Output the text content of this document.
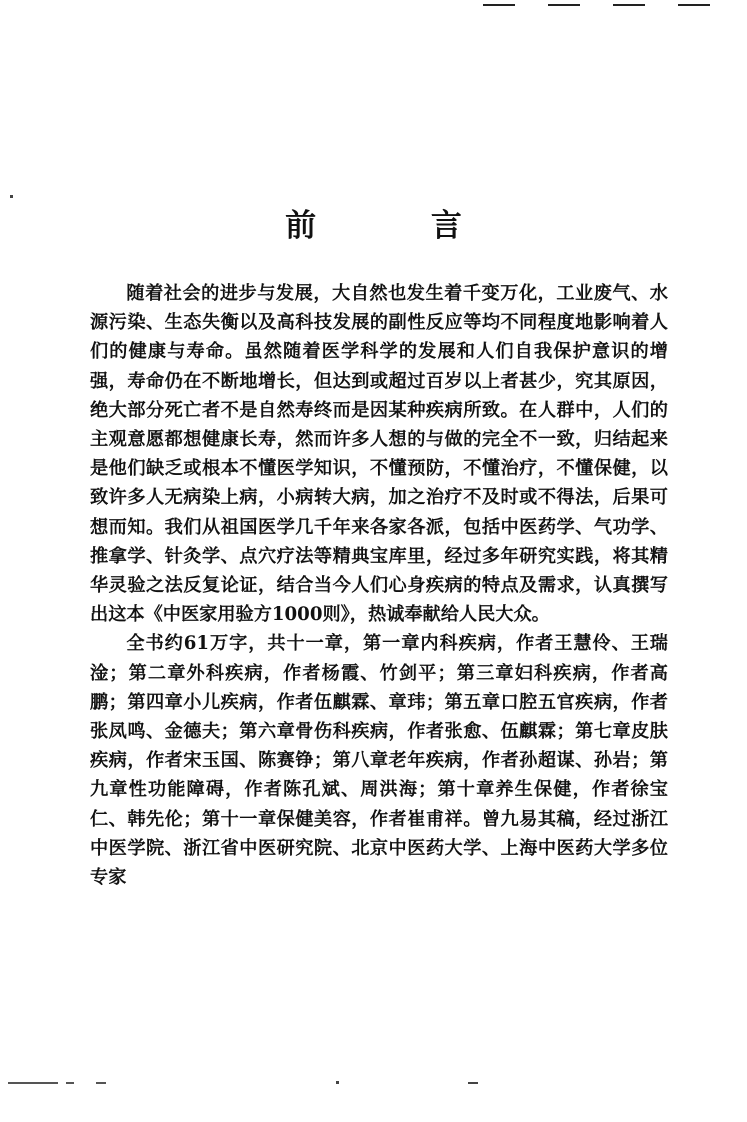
前 言

随着社会的进步与发展，大自然也发生着千变万化，工业废气、水源污染、生态失衡以及高科技发展的副性反应等均不同程度地影响着人们的健康与寿命。虽然随着医学科学的发展和人们自我保护意识的增强，寿命仍在不断地增长，但达到或超过百岁以上者甚少，究其原因，绝大部分死亡者不是自然寿终而是因某种疾病所致。在人群中，人们的主观意愿都想健康长寿，然而许多人想的与做的完全不一致，归结起来是他们缺乏或根本不懂医学知识，不懂预防，不懂治疗，不懂保健，以致许多人无病染上病，小病转大病，加之治疗不及时或不得法，后果可想而知。我们从祖国医学几千年来各家各派，包括中医药学、气功学、推拿学、针灸学、点穴疗法等精典宝库里，经过多年研究实践，将其精华灵验之法反复论证，结合当今人们心身疾病的特点及需求，认真撰写出这本《中医家用验方1000则》，热诚奉献给人民大众。

全书约61万字，共十一章，第一章内科疾病，作者王慧伶、王瑞淦；第二章外科疾病，作者杨霞、竹剑平；第三章妇科疾病，作者高鹏；第四章小儿疾病，作者伍麒霖、章玮；第五章口腔五官疾病，作者张凤鸣、金德夫；第六章骨伤科疾病，作者张愈、伍麒霖；第七章皮肤疾病，作者宋玉国、陈赛铮；第八章老年疾病，作者孙超谋、孙岩；第九章性功能障碍，作者陈孔斌、周洪海；第十章养生保健，作者徐宝仁、韩先伦；第十一章保健美容，作者崔甫祥。曾九易其稿，经过浙江中医学院、浙江省中医研究院、北京中医药大学、上海中医药大学多位专家
